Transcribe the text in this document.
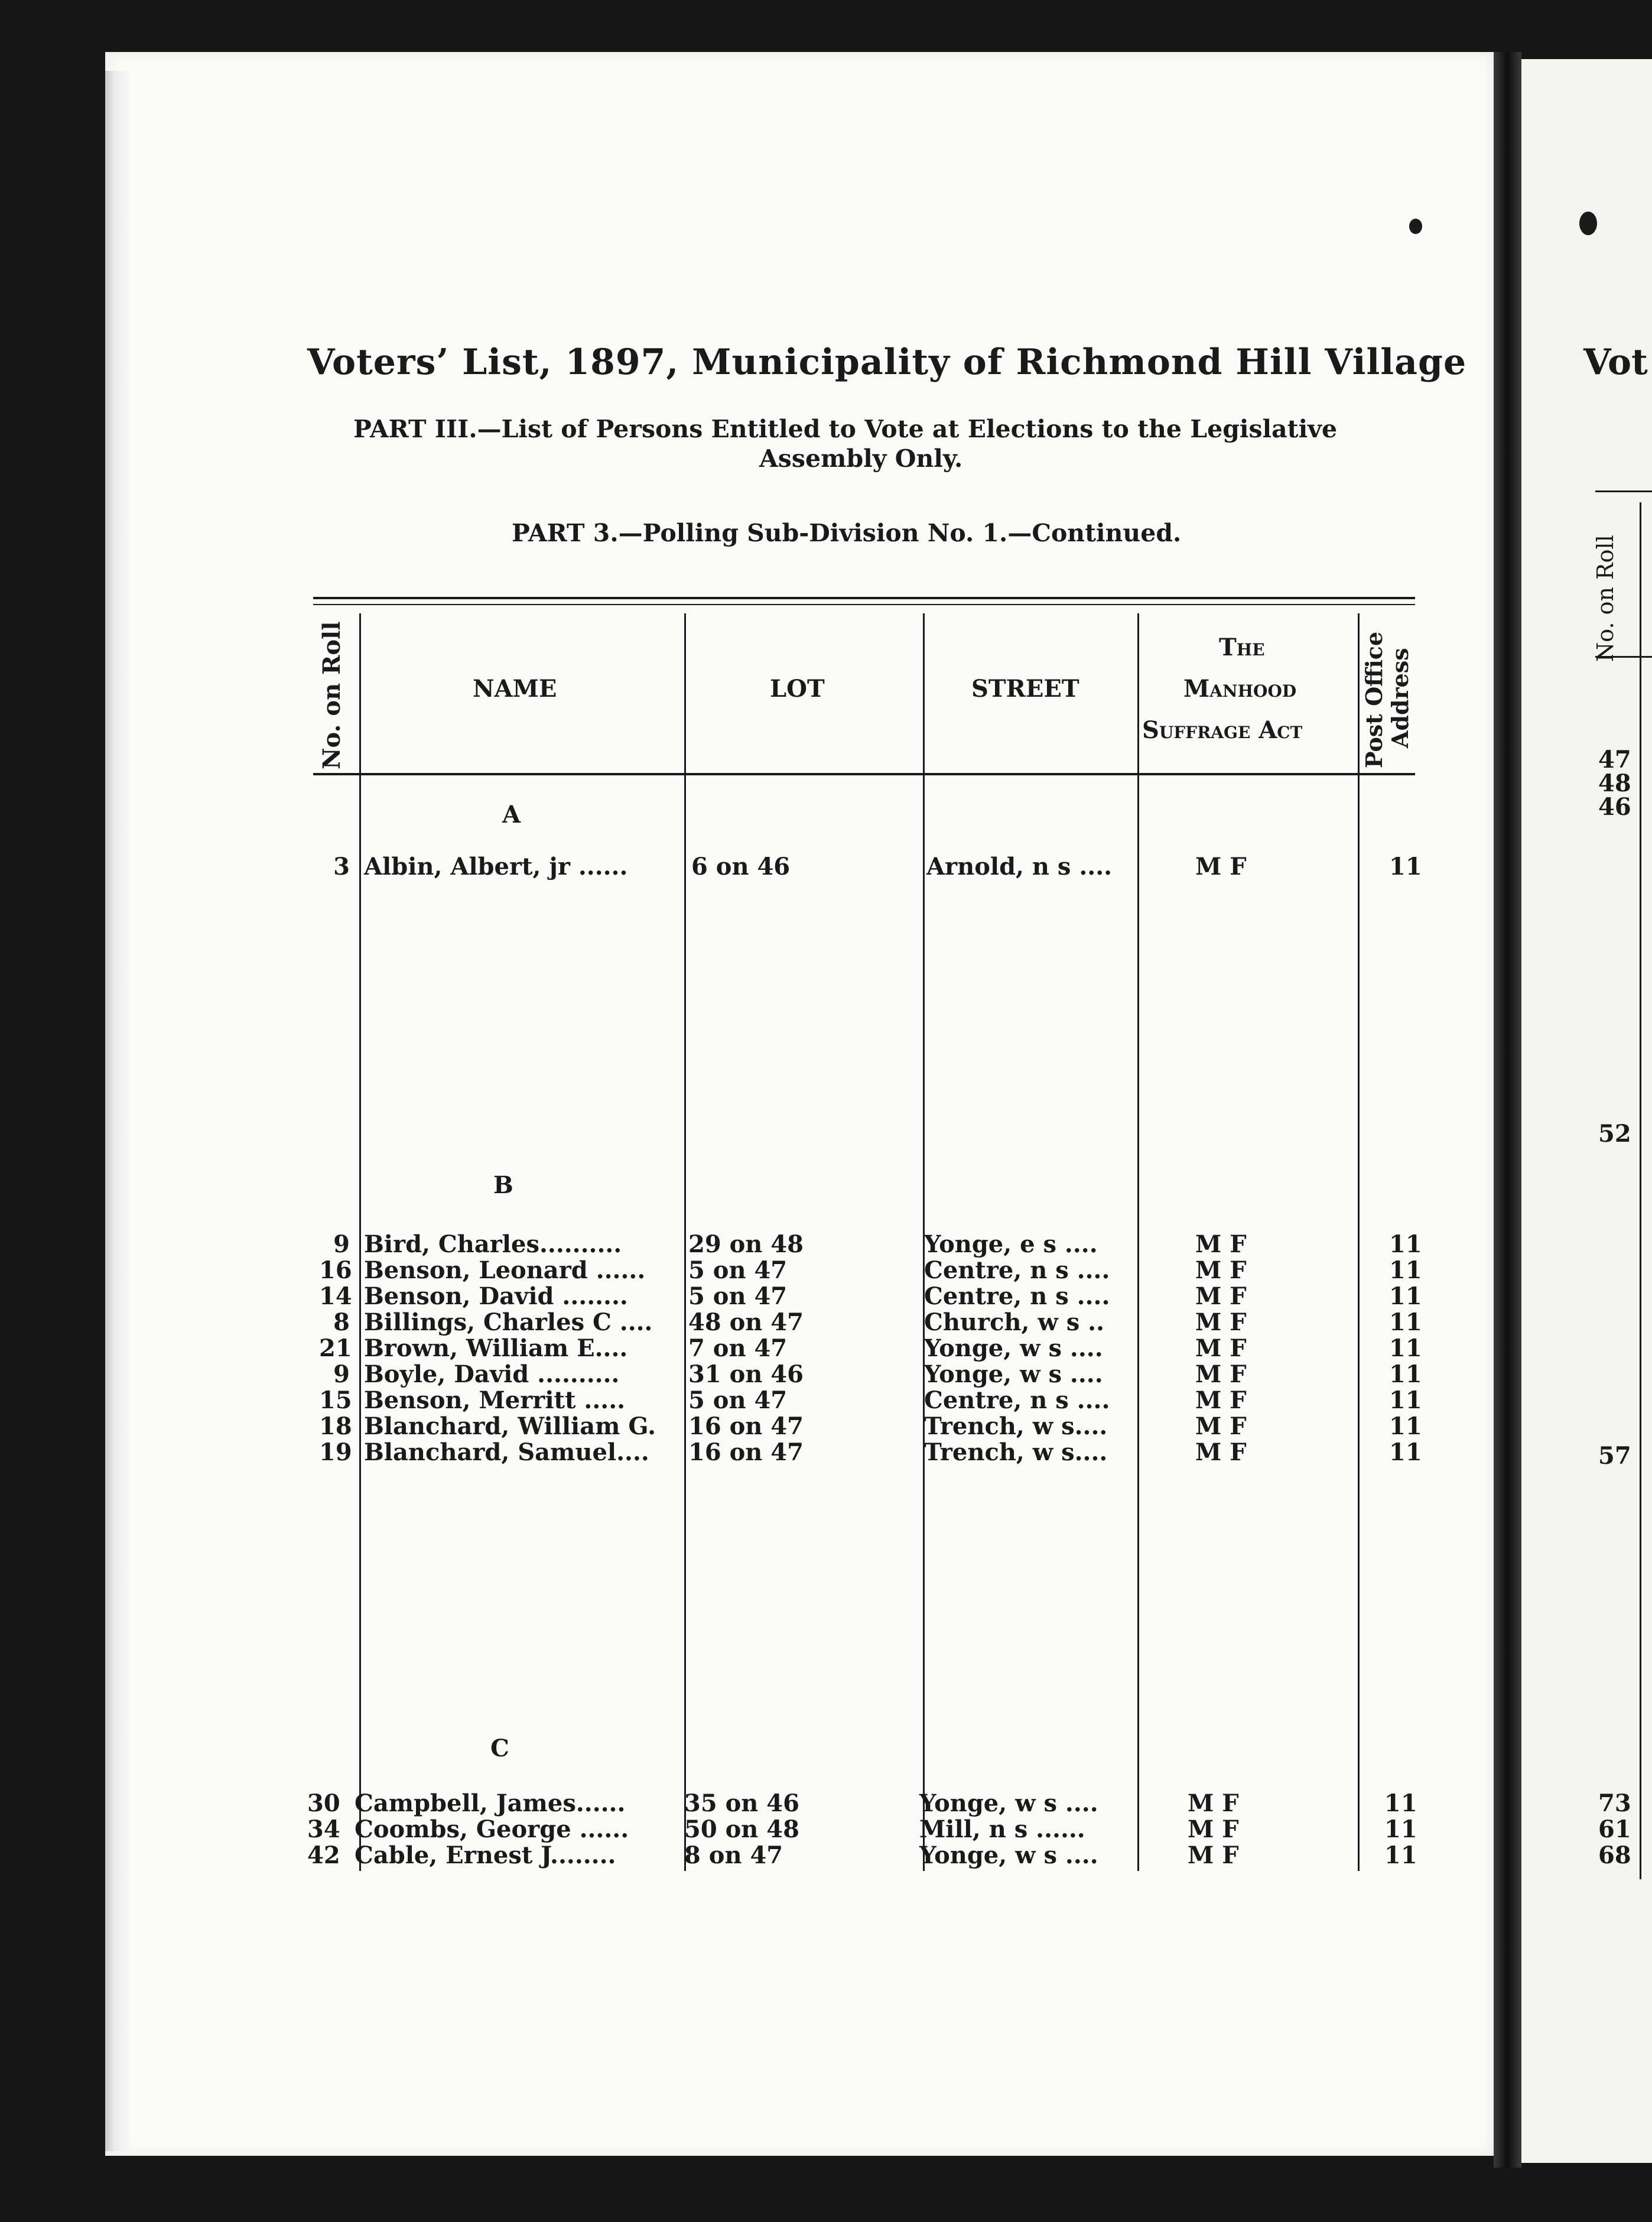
Voters’ List, 1897, Municipality of Richmond Hill Village
PART III.—List of Persons Entitled to Vote at Elections to the Legislative
Assembly Only.
PART 3.—Polling Sub-Division No. 1.—Continued.
No. on Roll	NAME	LOT	STREET
The
Manhood
Suffrage Act	Post Office Address
A
3 Albin, Albert, jr ......	6 on 46	Arnold, n s ....	M F	11
B
9 Bird, Charles..........	29 on 48	Yonge, e s ....	M F	11
16 Benson, Leonard ...... 5 on 47	Centre, n s ....	M F	11
14 Benson, David ........	5 on 47	Centre, n s ....	M F	11
8 Billings, Charles C .... 48 on 47	Church, w s ..	M F	11
21 Brown, William E....	7 on 47	Yonge, w s ....	M F	11
9 Boyle, David ..........	31 on 46	Yonge, w s ....	M F	11
15 Benson, Merritt .....	5 on 47	Centre, n s ....	M F	11
18 Blanchard, William G. 16 on 47	Trench, w s....	M F	11
19 Blanchard, Samuel.... 16 on 47	Trench, w s....	M F	11
C
30 Campbell, James...... 35 on 46	Yonge, w s ....	M F	11
34 Coombs, George ...... 50 on 48	Mill, n s ......	M F	11
42 Cable, Ernest J........	8 on 47	Yonge, w s ....	M F	11
Vot
No. on Roll
47
48
46
52
57
73
61
68
